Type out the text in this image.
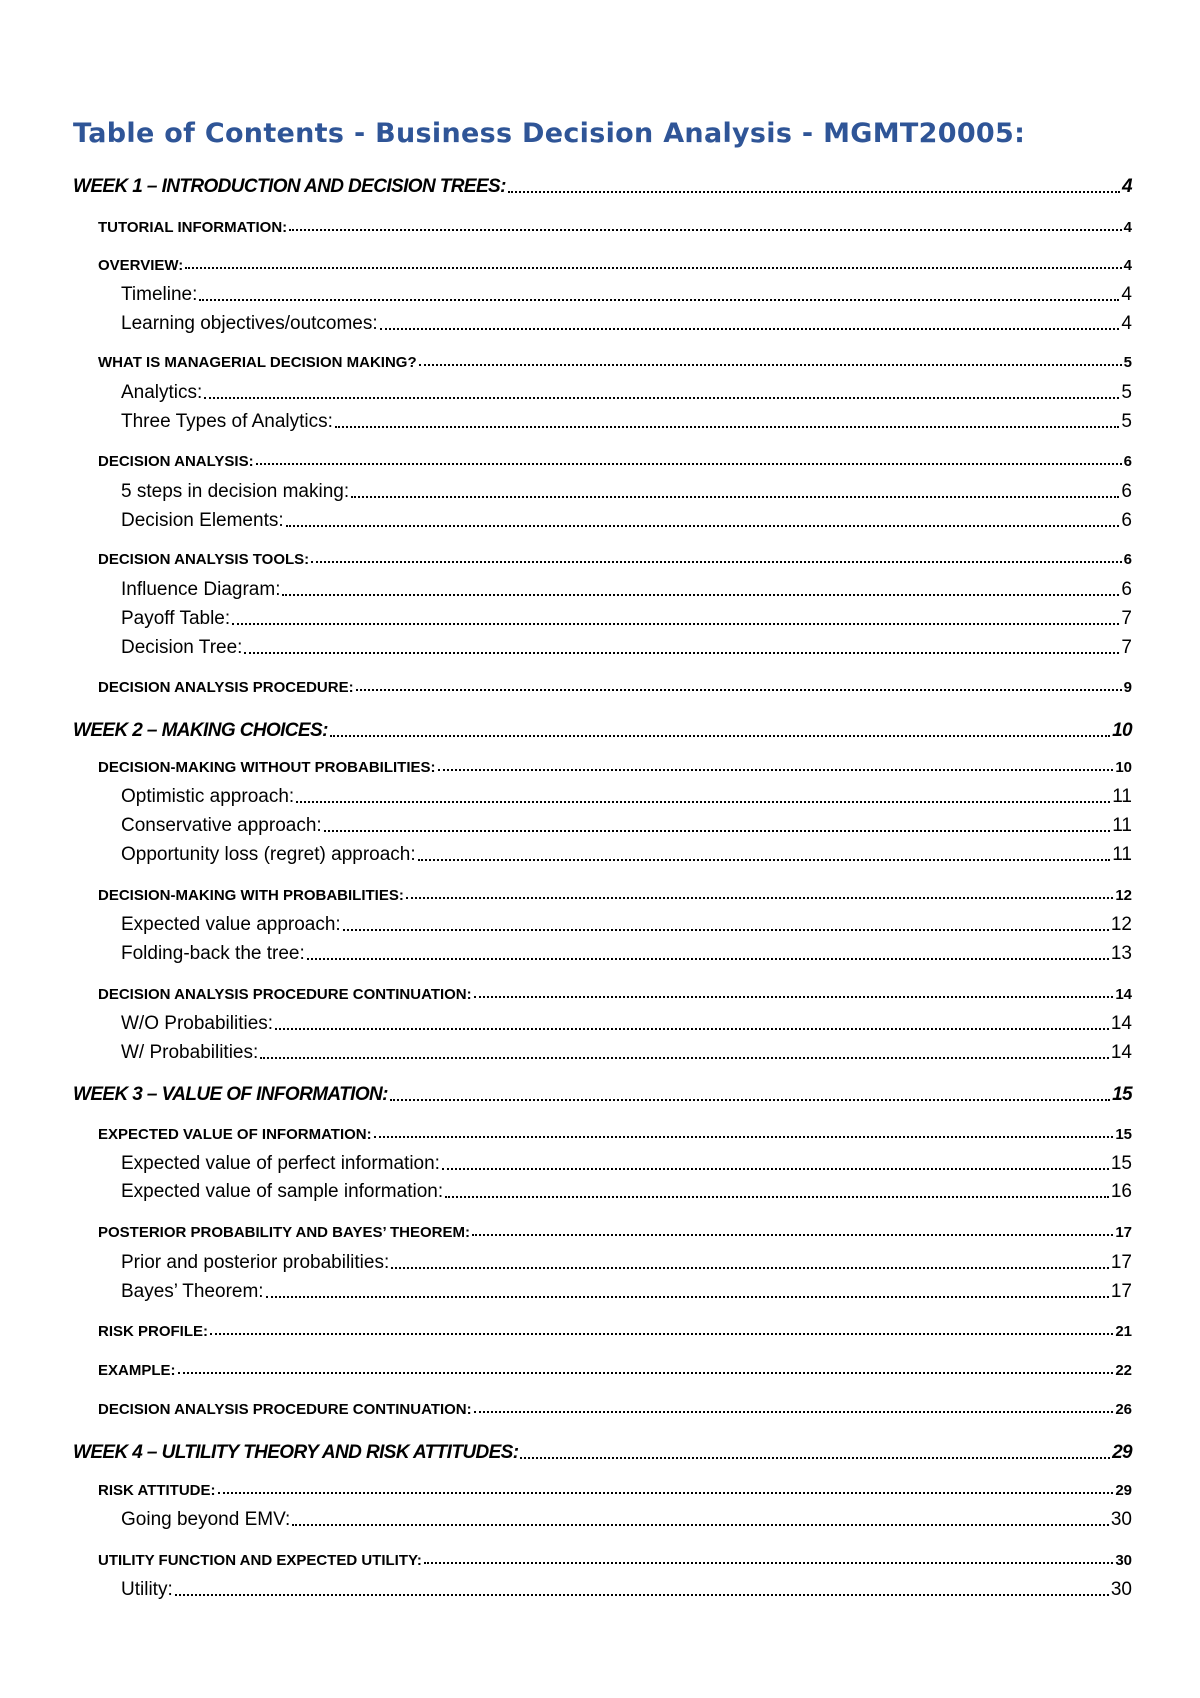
Table of Contents - Business Decision Analysis - MGMT20005:
WEEK 1 – INTRODUCTION AND DECISION TREES:	4
TUTORIAL INFORMATION:	4
OVERVIEW:	4
Timeline:	4
Learning objectives/outcomes:	4
WHAT IS MANAGERIAL DECISION MAKING?	5
Analytics:	5
Three Types of Analytics:	5
DECISION ANALYSIS:	6
5 steps in decision making:	6
Decision Elements:	6
DECISION ANALYSIS TOOLS:	6
Influence Diagram:	6
Payoff Table:	7
Decision Tree:	7
DECISION ANALYSIS PROCEDURE:	9
WEEK 2 – MAKING CHOICES:	10
DECISION-MAKING WITHOUT PROBABILITIES:	10
Optimistic approach:	11
Conservative approach:	11
Opportunity loss (regret) approach:	11
DECISION-MAKING WITH PROBABILITIES:	12
Expected value approach:	12
Folding-back the tree:	13
DECISION ANALYSIS PROCEDURE CONTINUATION:	14
W/O Probabilities:	14
W/ Probabilities:	14
WEEK 3 – VALUE OF INFORMATION:	15
EXPECTED VALUE OF INFORMATION:	15
Expected value of perfect information:	15
Expected value of sample information:	16
POSTERIOR PROBABILITY AND BAYES’ THEOREM:	17
Prior and posterior probabilities:	17
Bayes’ Theorem:	17
RISK PROFILE:	21
EXAMPLE:	22
DECISION ANALYSIS PROCEDURE CONTINUATION:	26
WEEK 4 – ULTILITY THEORY AND RISK ATTITUDES:	29
RISK ATTITUDE:	29
Going beyond EMV:	30
UTILITY FUNCTION AND EXPECTED UTILITY:	30
Utility:	30
